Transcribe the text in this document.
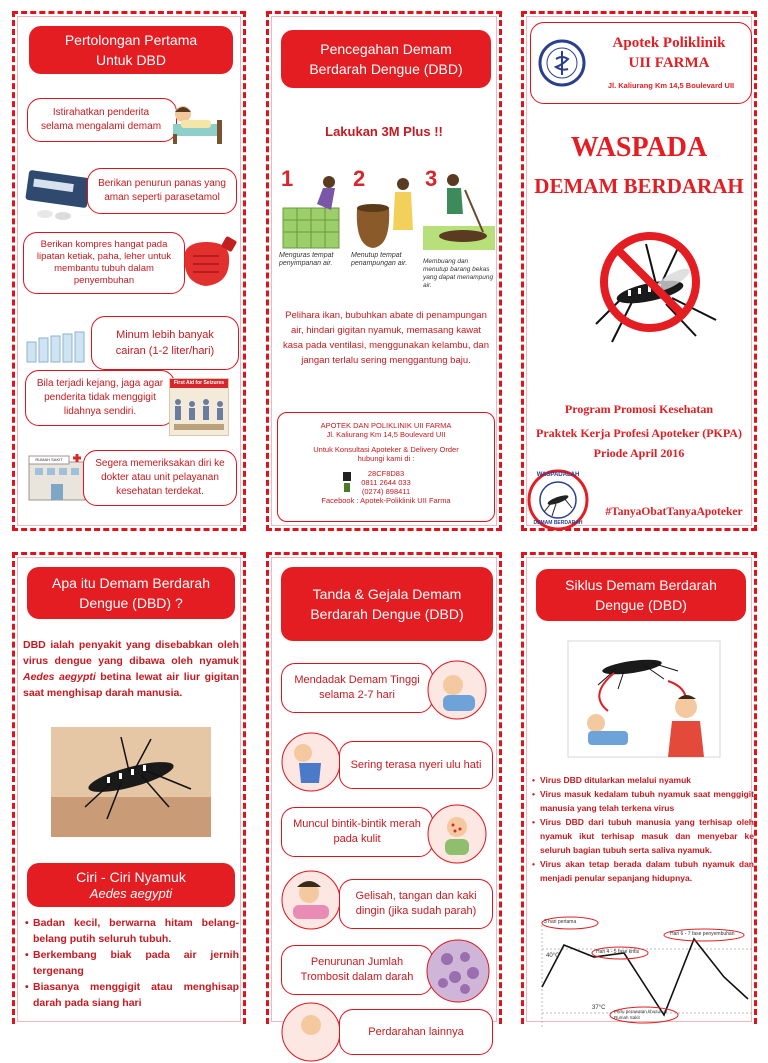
Pertolongan Pertama Untuk DBD
Istirahatkan penderita selama mengalami demam
Berikan penurun panas yang aman seperti parasetamol
Berikan kompres hangat pada lipatan ketiak, paha, leher untuk membantu tubuh dalam penyembuhan
Minum lebih banyak cairan (1-2 liter/hari)
Bila terjadi kejang, jaga agar penderita tidak menggigit lidahnya sendiri.
First Aid for Seizures
RUMAH SAKIT	Segera memeriksakan diri ke dokter atau unit pelayanan kesehatan terdekat.
Pencegahan Demam Berdarah Dengue (DBD)
Lakukan 3M Plus !!
1
Menguras tempat penyimpanan air.
2
Menutup tempat penampungan air.
3
Membuang dan menutup barang bekas yang dapat menampung air.
Pelihara ikan, bubuhkan abate di penampungan air, hindari gigitan nyamuk, memasang kawat kasa pada ventilasi, menggunakan kelambu, dan jangan terlalu sering menggantung baju.
APOTEK DAN POLIKLINIK UII FARMA
Jl. Kaliurang Km 14,5 Boulevard UII
Untuk Konsultasi Apoteker & Delivery Order hubungi kami di :
28CF8D83
0811 2644 033
(0274) 898411
Facebook : Apotek-Poliklinik UII Farma
Apotek Poliklinik
UII FARMA
Jl. Kaliurang Km 14,5 Boulevard UII
WASPADA
DEMAM BERDARAH
Program Promosi Kesehatan
Praktek Kerja Profesi Apoteker (PKPA)
Priode April 2016
WASPADALAH
DEMAM BERDARAH
#TanyaObatTanyaApoteker
Apa itu Demam Berdarah Dengue (DBD) ?
DBD ialah penyakit yang disebabkan oleh virus dengue yang dibawa oleh nyamuk Aedes aegypti betina lewat air liur gigitan saat menghisap darah manusia.
Ciri - Ciri Nyamuk
Aedes aegypti
• Badan kecil, berwarna hitam belang-belang putih seluruh tubuh.
• Berkembang biak pada air jernih tergenang
• Biasanya menggigit atau menghisap darah pada siang hari
Tanda & Gejala Demam Berdarah Dengue (DBD)
Mendadak Demam Tinggi selama 2-7 hari
Sering terasa nyeri ulu hati
Muncul bintik-bintik merah pada kulit
Gelisah, tangan dan kaki dingin (jika sudah parah)
Penurunan Jumlah Trombosit dalam darah
Perdarahan lainnya
Siklus Demam Berdarah Dengue (DBD)
• Virus DBD ditularkan melalui nyamuk
• Virus masuk kedalam tubuh nyamuk saat menggigit manusia yang telah terkena virus
• Virus DBD dari tubuh manusia yang terhisap oleh nyamuk ikut terhisap masuk dan menyebar ke seluruh bagian tubuh serta saliva nyamuk.
• Virus akan tetap berada dalam tubuh nyamuk dan menjadi penular sepanjang hidupnya.
3 hari pertama
Hari 4 - 5 fase kritis
Hari 6 - 7 fase penyembuhan
40°C
37°C
Perlu perawatan khusus di Rumah Sakit
